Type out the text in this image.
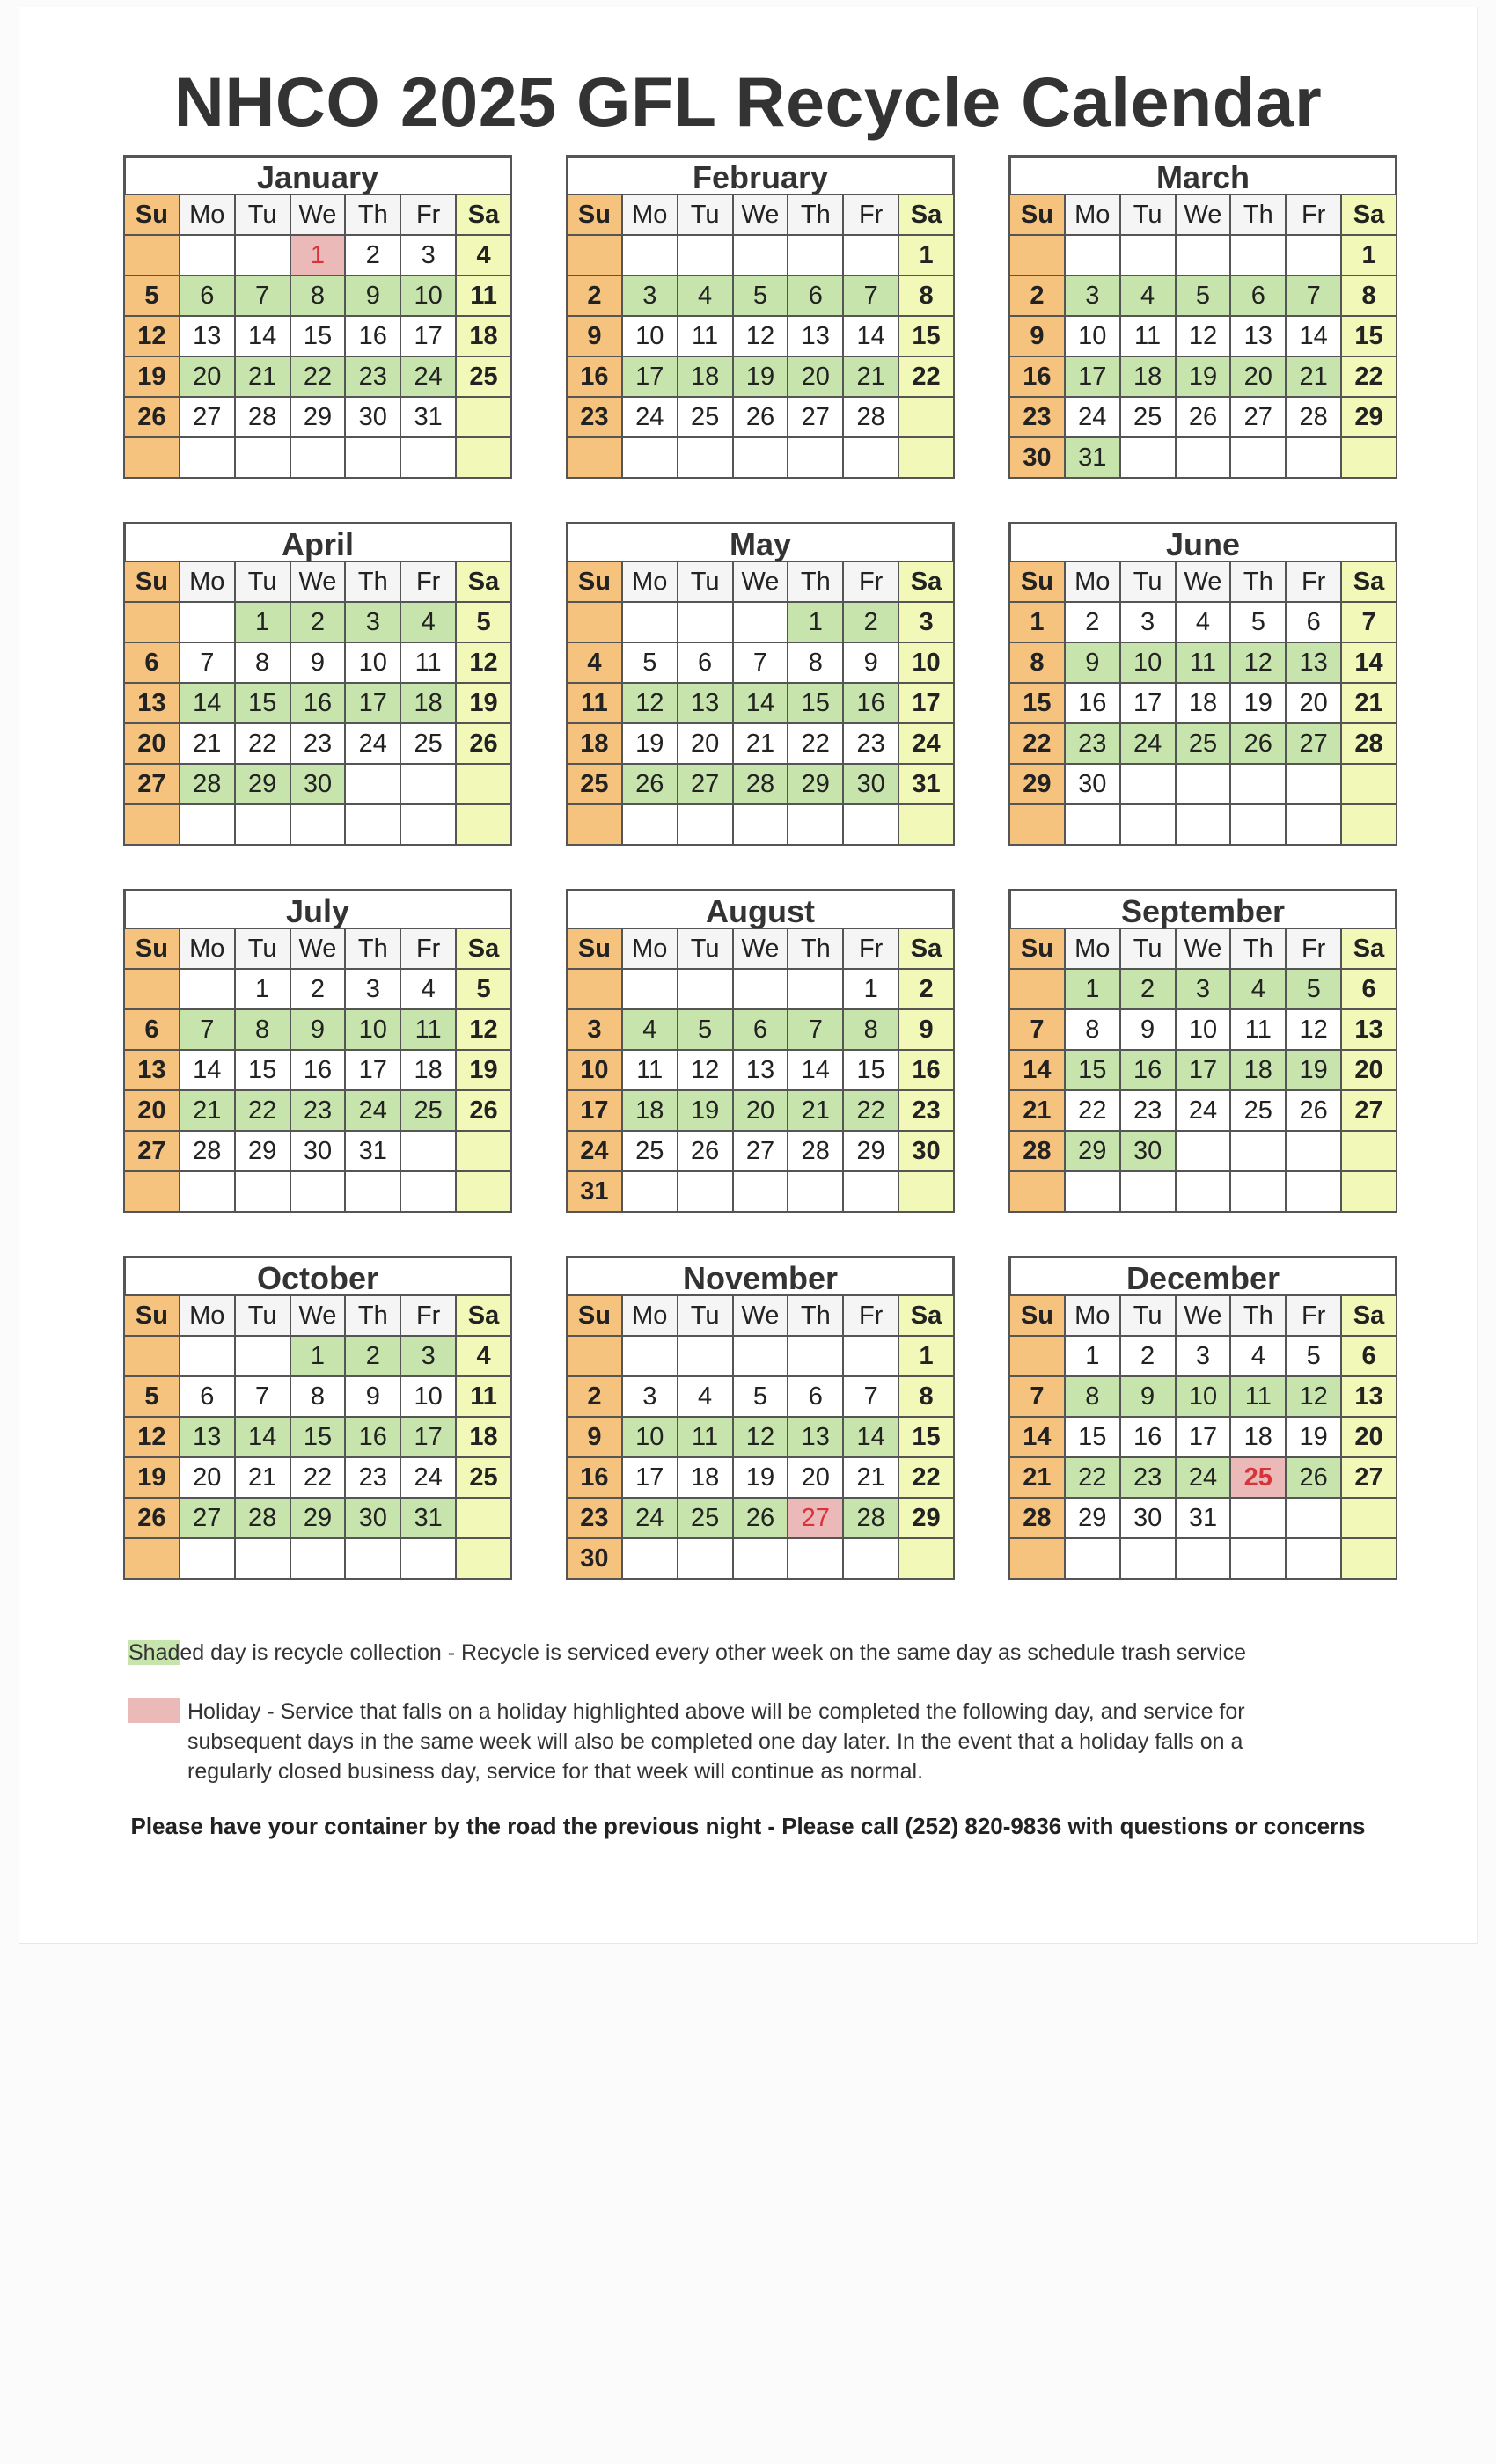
NHCO 2025 GFL Recycle Calendar
January
Su	Mo	Tu	We	Th	Fr	Sa
			1	2	3	4
5	6	7	8	9	10	11
12	13	14	15	16	17	18
19	20	21	22	23	24	25
26	27	28	29	30	31	

February
Su	Mo	Tu	We	Th	Fr	Sa
						1
2	3	4	5	6	7	8
9	10	11	12	13	14	15
16	17	18	19	20	21	22
23	24	25	26	27	28	

March
Su	Mo	Tu	We	Th	Fr	Sa
						1
2	3	4	5	6	7	8
9	10	11	12	13	14	15
16	17	18	19	20	21	22
23	24	25	26	27	28	29
30	31					
April
Su	Mo	Tu	We	Th	Fr	Sa
		1	2	3	4	5
6	7	8	9	10	11	12
13	14	15	16	17	18	19
20	21	22	23	24	25	26
27	28	29	30			

May
Su	Mo	Tu	We	Th	Fr	Sa
				1	2	3
4	5	6	7	8	9	10
11	12	13	14	15	16	17
18	19	20	21	22	23	24
25	26	27	28	29	30	31

June
Su	Mo	Tu	We	Th	Fr	Sa
1	2	3	4	5	6	7
8	9	10	11	12	13	14
15	16	17	18	19	20	21
22	23	24	25	26	27	28
29	30					

July
Su	Mo	Tu	We	Th	Fr	Sa
		1	2	3	4	5
6	7	8	9	10	11	12
13	14	15	16	17	18	19
20	21	22	23	24	25	26
27	28	29	30	31		

August
Su	Mo	Tu	We	Th	Fr	Sa
					1	2
3	4	5	6	7	8	9
10	11	12	13	14	15	16
17	18	19	20	21	22	23
24	25	26	27	28	29	30
31						
September
Su	Mo	Tu	We	Th	Fr	Sa
	1	2	3	4	5	6
7	8	9	10	11	12	13
14	15	16	17	18	19	20
21	22	23	24	25	26	27
28	29	30				

October
Su	Mo	Tu	We	Th	Fr	Sa
			1	2	3	4
5	6	7	8	9	10	11
12	13	14	15	16	17	18
19	20	21	22	23	24	25
26	27	28	29	30	31	

November
Su	Mo	Tu	We	Th	Fr	Sa
						1
2	3	4	5	6	7	8
9	10	11	12	13	14	15
16	17	18	19	20	21	22
23	24	25	26	27	28	29
30						
December
Su	Mo	Tu	We	Th	Fr	Sa
	1	2	3	4	5	6
7	8	9	10	11	12	13
14	15	16	17	18	19	20
21	22	23	24	25	26	27
28	29	30	31			

Shaded day is recycle collection - Recycle is serviced every other week on the same day as schedule trash service
Holiday - Service that falls on a holiday highlighted above will be completed the following day, and service for
subsequent days in the same week will also be completed one day later. In the event that a holiday falls on a
regularly closed business day, service for that week will continue as normal.
Please have your container by the road the previous night - Please call (252) 820-9836 with questions or concerns
